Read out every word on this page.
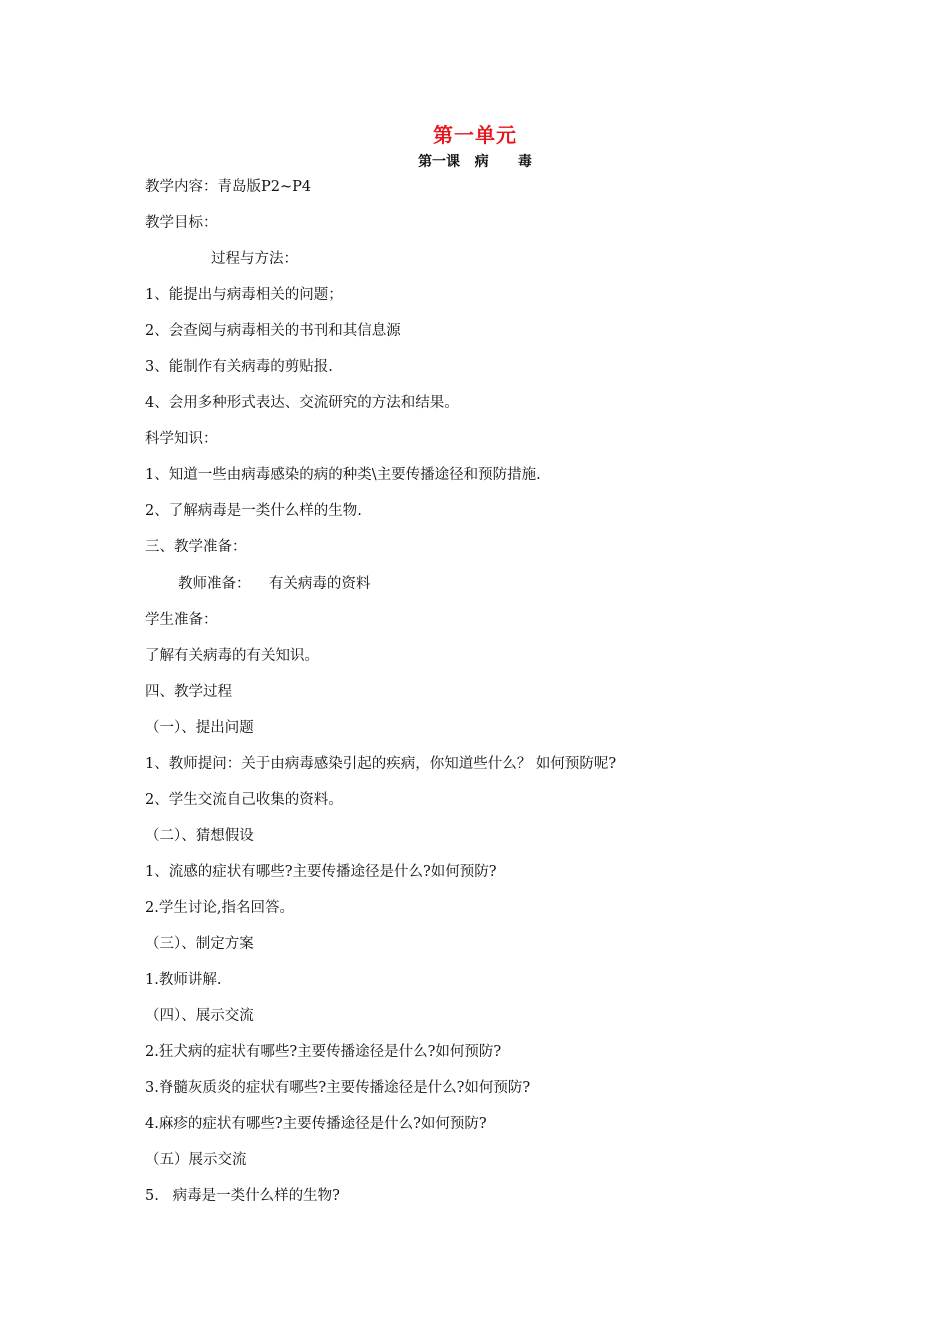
第一单元
第一课   病      毒
教学内容：青岛版P2~P4
教学目标：
过程与方法：
1、能提出与病毒相关的问题；
2、会查阅与病毒相关的书刊和其信息源
3、能制作有关病毒的剪贴报.
4、会用多种形式表达、交流研究的方法和结果。
科学知识：
1、知道一些由病毒感染的病的种类\主要传播途径和预防措施.
2、了解病毒是一类什么样的生物.
三、教学准备：
教师准备：    有关病毒的资料
学生准备：
了解有关病毒的有关知识。
四、教学过程
（一）、提出问题
1、教师提问：关于由病毒感染引起的疾病，你知道些什么？ 如何预防呢?
2、学生交流自己收集的资料。
（二）、猜想假设
1、流感的症状有哪些?主要传播途径是什么?如何预防?
2.学生讨论,指名回答。
（三）、制定方案
1.教师讲解.
（四）、展示交流
2.狂犬病的症状有哪些?主要传播途径是什么?如何预防?
3.脊髓灰质炎的症状有哪些?主要传播途径是什么?如何预防?
4.麻疹的症状有哪些?主要传播途径是什么?如何预防?
（五）展示交流
5.   病毒是一类什么样的生物?
